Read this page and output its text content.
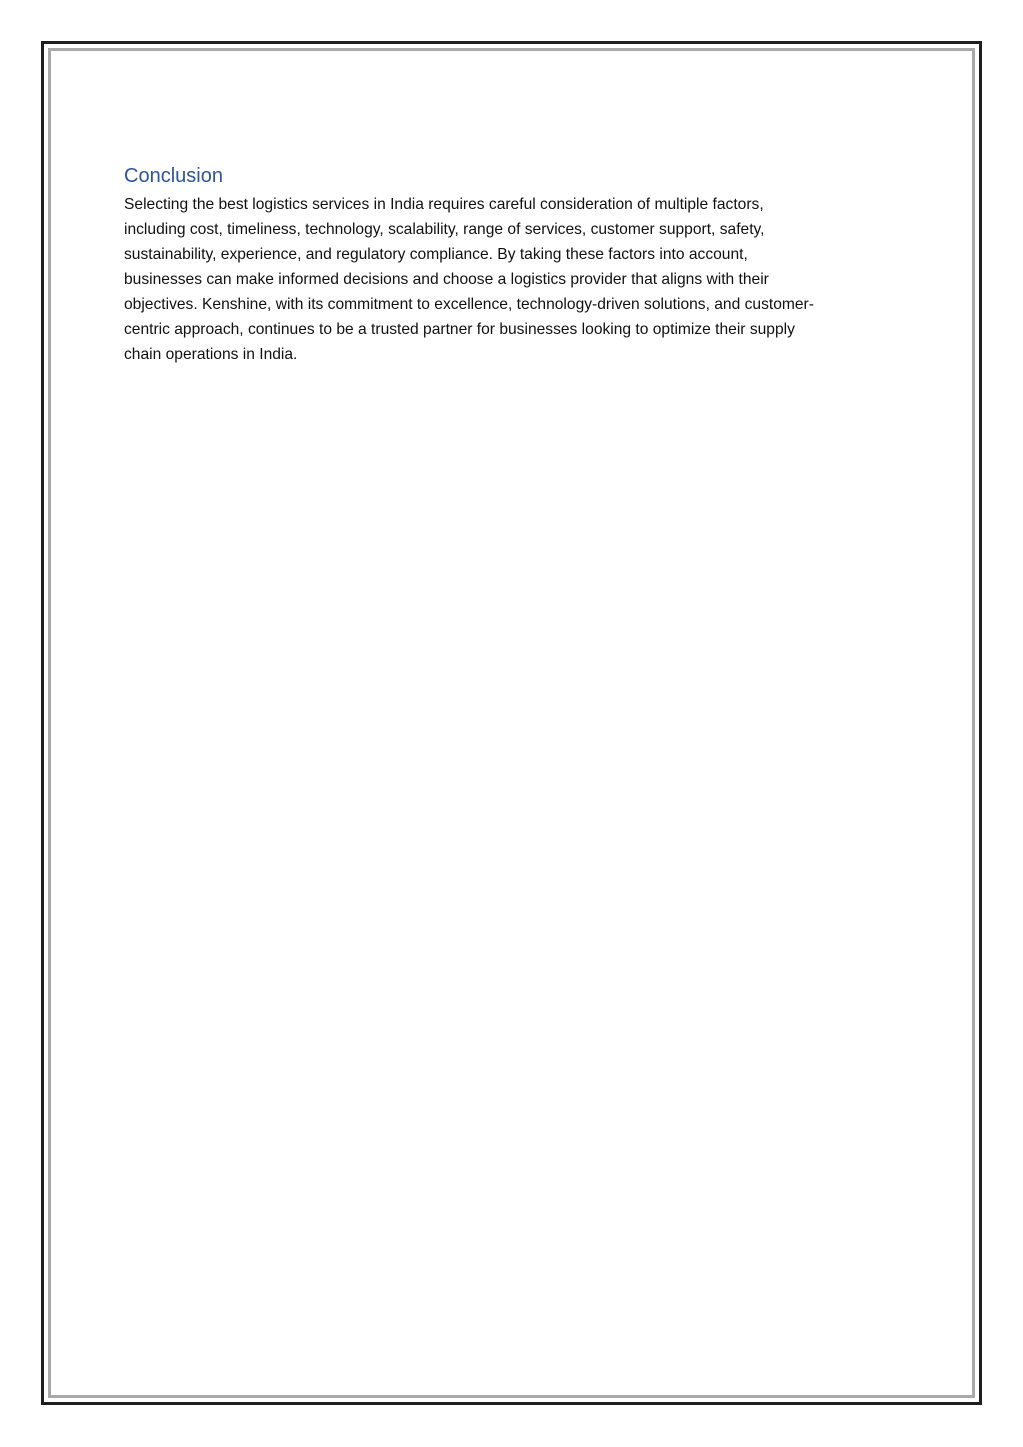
Conclusion

Selecting the best logistics services in India requires careful consideration of multiple factors,
including cost, timeliness, technology, scalability, range of services, customer support, safety,
sustainability, experience, and regulatory compliance. By taking these factors into account,
businesses can make informed decisions and choose a logistics provider that aligns with their
objectives. Kenshine, with its commitment to excellence, technology-driven solutions, and customer-
centric approach, continues to be a trusted partner for businesses looking to optimize their supply
chain operations in India.
